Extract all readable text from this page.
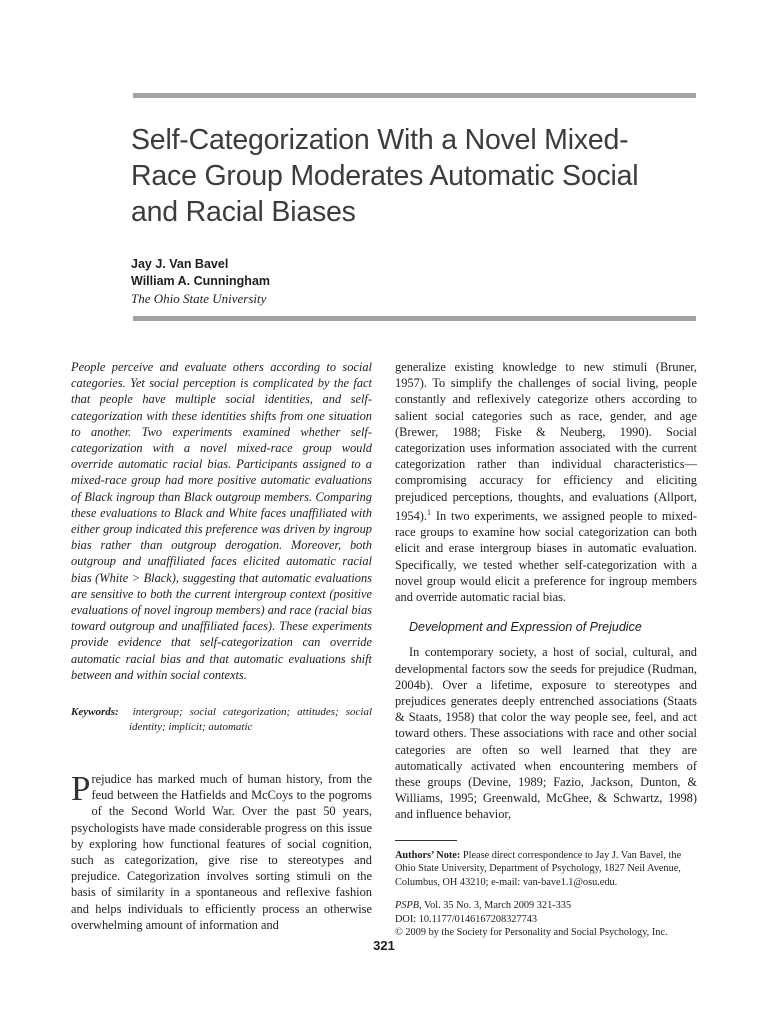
Self-Categorization With a Novel Mixed-Race Group Moderates Automatic Social and Racial Biases
Jay J. Van Bavel
William A. Cunningham
The Ohio State University

People perceive and evaluate others according to social categories. Yet social perception is complicated by the fact that people have multiple social identities, and self-categorization with these identities shifts from one situation to another. Two experiments examined whether self-categorization with a novel mixed-race group would override automatic racial bias. Participants assigned to a mixed-race group had more positive automatic evaluations of Black ingroup than Black outgroup members. Comparing these evaluations to Black and White faces unaffiliated with either group indicated this preference was driven by ingroup bias rather than outgroup derogation. Moreover, both outgroup and unaffiliated faces elicited automatic racial bias (White > Black), suggesting that automatic evaluations are sensitive to both the current intergroup context (positive evaluations of novel ingroup members) and race (racial bias toward outgroup and unaffiliated faces). These experiments provide evidence that self-categorization can override automatic racial bias and that automatic evaluations shift between and within social contexts.

Keywords: intergroup; social categorization; attitudes; social identity; implicit; automatic

Prejudice has marked much of human history, from the feud between the Hatfields and McCoys to the pogroms of the Second World War. Over the past 50 years, psychologists have made considerable progress on this issue by exploring how functional features of social cognition, such as categorization, give rise to stereotypes and prejudice. Categorization involves sorting stimuli on the basis of similarity in a spontaneous and reflexive fashion and helps individuals to efficiently process an otherwise overwhelming amount of information and

generalize existing knowledge to new stimuli (Bruner, 1957). To simplify the challenges of social living, people constantly and reflexively categorize others according to salient social categories such as race, gender, and age (Brewer, 1988; Fiske & Neuberg, 1990). Social categorization uses information associated with the current categorization rather than individual characteristics—compromising accuracy for efficiency and eliciting prejudiced perceptions, thoughts, and evaluations (Allport, 1954).$^1$ In two experiments, we assigned people to mixed-race groups to examine how social categorization can both elicit and erase intergroup biases in automatic evaluation. Specifically, we tested whether self-categorization with a novel group would elicit a preference for ingroup members and override automatic racial bias.

Development and Expression of Prejudice

In contemporary society, a host of social, cultural, and developmental factors sow the seeds for prejudice (Rudman, 2004b). Over a lifetime, exposure to stereotypes and prejudices generates deeply entrenched associations (Staats & Staats, 1958) that color the way people see, feel, and act toward others. These associations with race and other social categories are often so well learned that they are automatically activated when encountering members of these groups (Devine, 1989; Fazio, Jackson, Dunton, & Williams, 1995; Greenwald, McGhee, & Schwartz, 1998) and influence behavior,

Authors’ Note: Please direct correspondence to Jay J. Van Bavel, the Ohio State University, Department of Psychology, 1827 Neil Avenue, Columbus, OH 43210; e-mail: van-bave1.1@osu.edu.

PSPB, Vol. 35 No. 3, March 2009 321-335
DOI: 10.1177/0146167208327743
© 2009 by the Society for Personality and Social Psychology, Inc.

321
